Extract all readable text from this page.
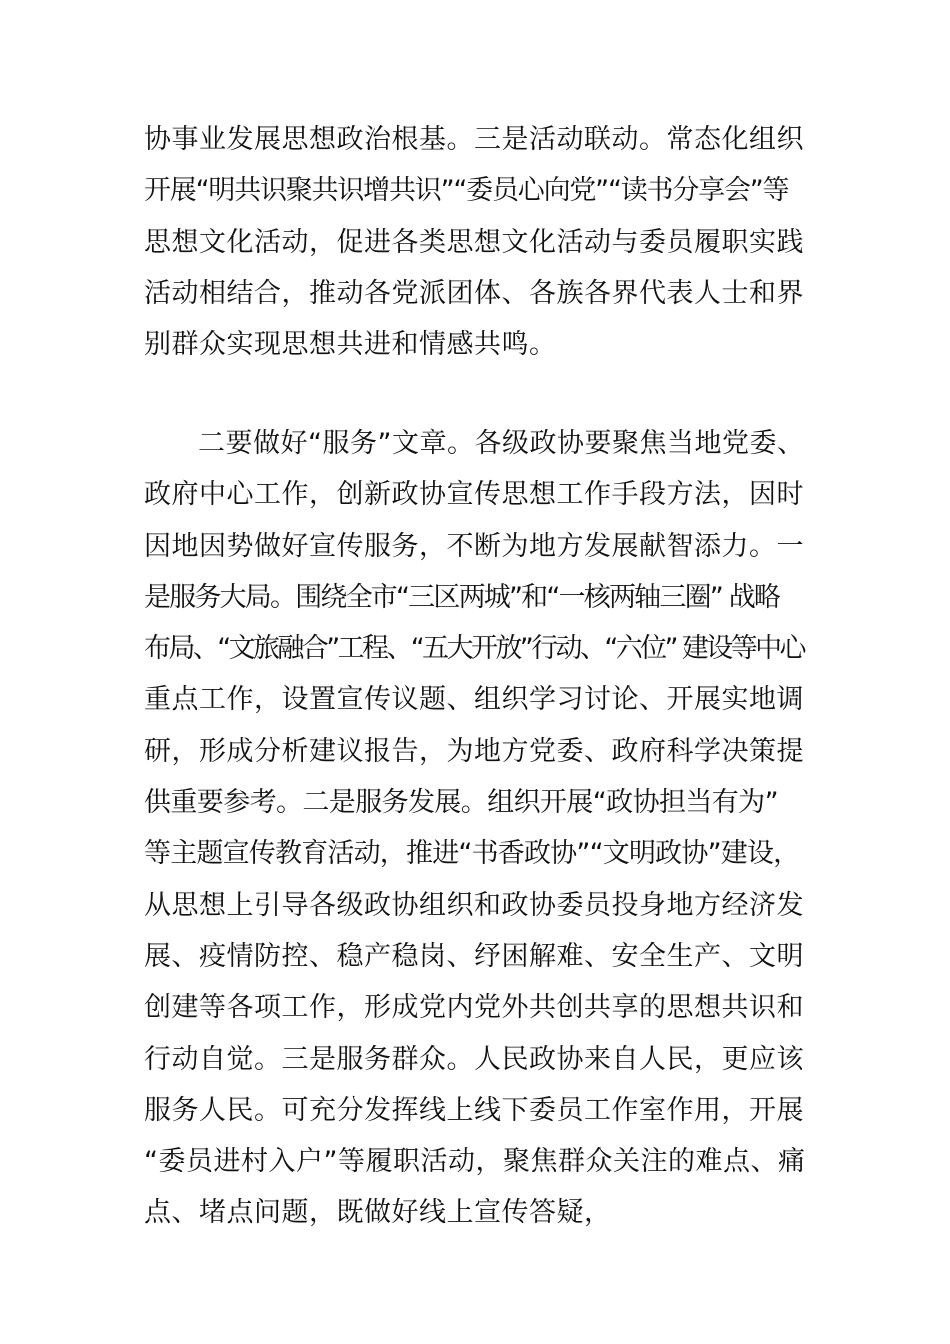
协事业发展思想政治根基。三是活动联动。常态化组织
开展“明共识聚共识增共识”“委员心向党”“读书分享会”等
思想文化活动，促进各类思想文化活动与委员履职实践
活动相结合，推动各党派团体、各族各界代表人士和界
别群众实现思想共进和情感共鸣。
二要做好“服务”文章。各级政协要聚焦当地党委、
政府中心工作，创新政协宣传思想工作手段方法，因时
因地因势做好宣传服务，不断为地方发展献智添力。一
是服务大局。围绕全市“三区两城”和“一核两轴三圈” 战略
布局、“文旅融合”工程、“五大开放”行动、“六位” 建设等中心
重点工作，设置宣传议题、组织学习讨论、开展实地调
研，形成分析建议报告，为地方党委、政府科学决策提
供重要参考。二是服务发展。组织开展“政协担当有为”
等主题宣传教育活动，推进“书香政协”“文明政协”建设，
从思想上引导各级政协组织和政协委员投身地方经济发
展、疫情防控、稳产稳岗、纾困解难、安全生产、文明
创建等各项工作，形成党内党外共创共享的思想共识和
行动自觉。三是服务群众。人民政协来自人民，更应该
服务人民。可充分发挥线上线下委员工作室作用，开展
“委员进村入户”等履职活动，聚焦群众关注的难点、痛
点、堵点问题，既做好线上宣传答疑，
